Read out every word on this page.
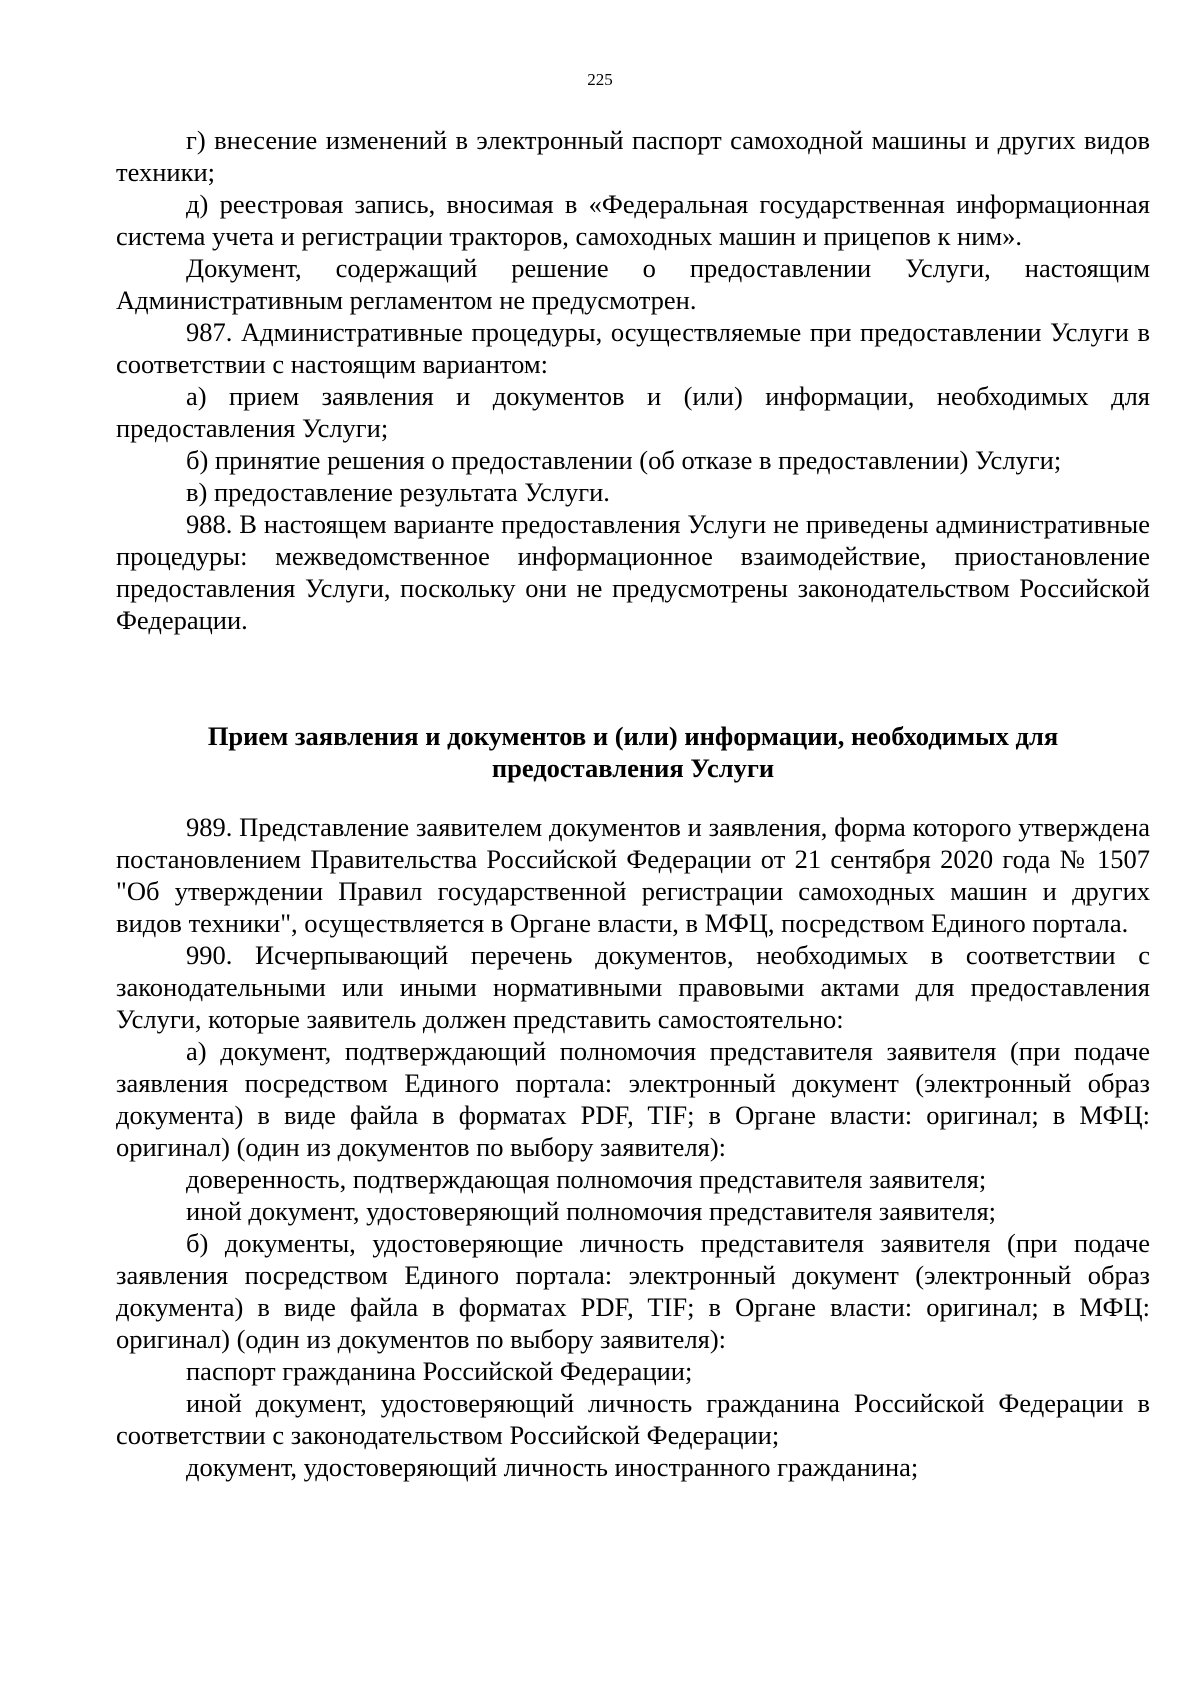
225

г) внесение изменений в электронный паспорт самоходной машины и других видов техники;

д) реестровая запись, вносимая в «Федеральная государственная информационная система учета и регистрации тракторов, самоходных машин и прицепов к ним».

Документ, содержащий решение о предоставлении Услуги, настоящим Административным регламентом не предусмотрен.

987. Административные процедуры, осуществляемые при предоставлении Услуги в соответствии с настоящим вариантом:

а) прием заявления и документов и (или) информации, необходимых для предоставления Услуги;

б) принятие решения о предоставлении (об отказе в предоставлении) Услуги;

в) предоставление результата Услуги.

988. В настоящем варианте предоставления Услуги не приведены административные процедуры: межведомственное информационное взаимодействие, приостановление предоставления Услуги, поскольку они не предусмотрены законодательством Российской Федерации.

Прием заявления и документов и (или) информации, необходимых для предоставления Услуги

989. Представление заявителем документов и заявления, форма которого утверждена постановлением Правительства Российской Федерации от 21 сентября 2020 года № 1507 "Об утверждении Правил государственной регистрации самоходных машин и других видов техники", осуществляется в Органе власти, в МФЦ, посредством Единого портала.

990. Исчерпывающий перечень документов, необходимых в соответствии с законодательными или иными нормативными правовыми актами для предоставления Услуги, которые заявитель должен представить самостоятельно:

а) документ, подтверждающий полномочия представителя заявителя (при подаче заявления посредством Единого портала: электронный документ (электронный образ документа) в виде файла в форматах PDF, TIF; в Органе власти: оригинал; в МФЦ: оригинал) (один из документов по выбору заявителя):

доверенность, подтверждающая полномочия представителя заявителя;

иной документ, удостоверяющий полномочия представителя заявителя;

б) документы, удостоверяющие личность представителя заявителя (при подаче заявления посредством Единого портала: электронный документ (электронный образ документа) в виде файла в форматах PDF, TIF; в Органе власти: оригинал; в МФЦ: оригинал) (один из документов по выбору заявителя):

паспорт гражданина Российской Федерации;

иной документ, удостоверяющий личность гражданина Российской Федерации в соответствии с законодательством Российской Федерации;

документ, удостоверяющий личность иностранного гражданина;
